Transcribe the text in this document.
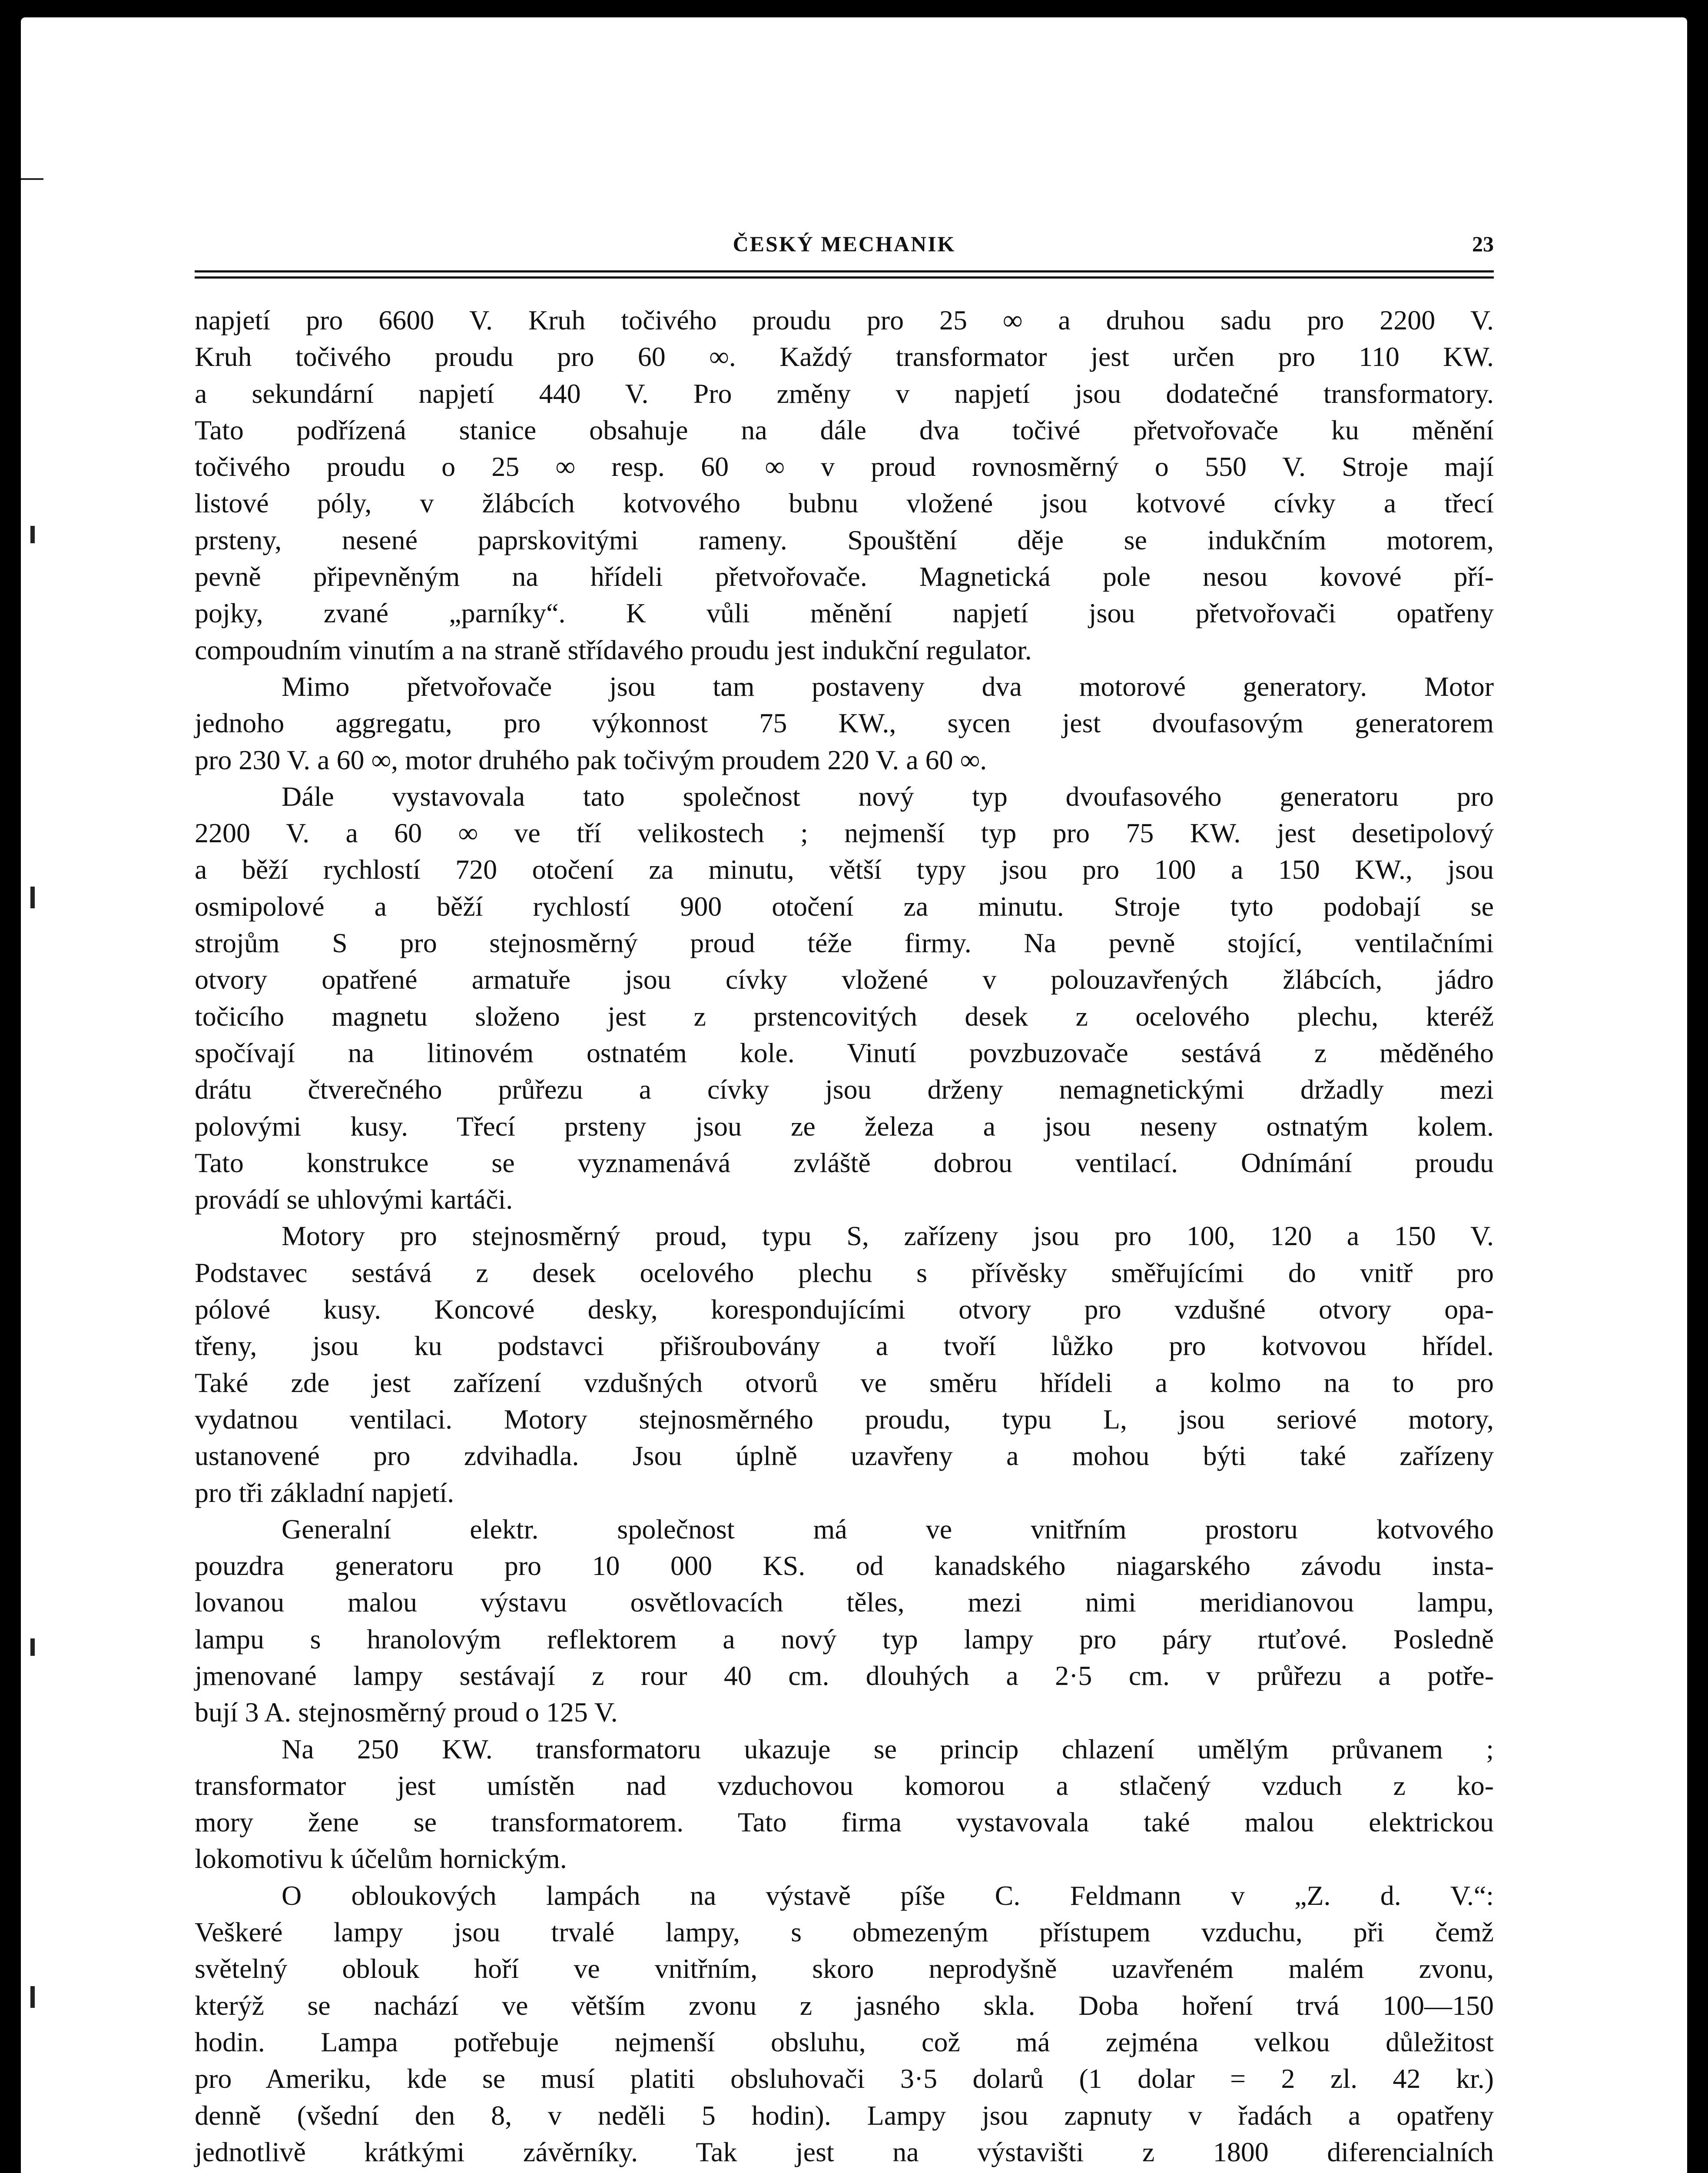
ČESKÝ MECHANIK	23
napjetí pro 6600 V. Kruh točivého proudu pro 25 ∞ a druhou sadu pro 2200 V.
Kruh točivého proudu pro 60 ∞. Každý transformator jest určen pro 110 KW.
a sekundární napjetí 440 V. Pro změny v napjetí jsou dodatečné transformatory.
Tato podřízená stanice obsahuje na dále dva točivé přetvořovače ku měnění
točivého proudu o 25 ∞ resp. 60 ∞ v proud rovnosměrný o 550 V. Stroje mají
listové póly, v žlábcích kotvového bubnu vložené jsou kotvové cívky a třecí
prsteny, nesené paprskovitými rameny. Spouštění děje se indukčním motorem,
pevně připevněným na hřídeli přetvořovače. Magnetická pole nesou kovové pří-
pojky, zvané „parníky“. K vůli měnění napjetí jsou přetvořovači opatřeny
compoudním vinutím a na straně střídavého proudu jest indukční regulator.
Mimo přetvořovače jsou tam postaveny dva motorové generatory. Motor
jednoho aggregatu, pro výkonnost 75 KW., sycen jest dvoufasovým generatorem
pro 230 V. a 60 ∞, motor druhého pak točivým proudem 220 V. a 60 ∞.
Dále vystavovala tato společnost nový typ dvoufasového generatoru pro
2200 V. a 60 ∞ ve tří velikostech ; nejmenší typ pro 75 KW. jest desetipolový
a běží rychlostí 720 otočení za minutu, větší typy jsou pro 100 a 150 KW., jsou
osmipolové a běží rychlostí 900 otočení za minutu. Stroje tyto podobají se
strojům S pro stejnosměrný proud téže firmy. Na pevně stojící, ventilačními
otvory opatřené armatuře jsou cívky vložené v polouzavřených žlábcích, jádro
točicího magnetu složeno jest z prstencovitých desek z ocelového plechu, kteréž
spočívají na litinovém ostnatém kole. Vinutí povzbuzovače sestává z měděného
drátu čtverečného průřezu a cívky jsou drženy nemagnetickými držadly mezi
polovými kusy. Třecí prsteny jsou ze železa a jsou neseny ostnatým kolem.
Tato konstrukce se vyznamenává zvláště dobrou ventilací. Odnímání proudu
provádí se uhlovými kartáči.
Motory pro stejnosměrný proud, typu S, zařízeny jsou pro 100, 120 a 150 V.
Podstavec sestává z desek ocelového plechu s přívěsky směřujícími do vnitř pro
pólové kusy. Koncové desky, korespondujícími otvory pro vzdušné otvory opa-
třeny, jsou ku podstavci přišroubovány a tvoří lůžko pro kotvovou hřídel.
Také zde jest zařízení vzdušných otvorů ve směru hřídeli a kolmo na to pro
vydatnou ventilaci. Motory stejnosměrného proudu, typu L, jsou seriové motory,
ustanovené pro zdvihadla. Jsou úplně uzavřeny a mohou býti také zařízeny
pro tři základní napjetí.
Generalní elektr. společnost má ve vnitřním prostoru kotvového
pouzdra generatoru pro 10 000 KS. od kanadského niagarského závodu insta-
lovanou malou výstavu osvětlovacích těles, mezi nimi meridianovou lampu,
lampu s hranolovým reflektorem a nový typ lampy pro páry rtuťové. Posledně
jmenované lampy sestávají z rour 40 cm. dlouhých a 2·5 cm. v průřezu a potře-
bují 3 A. stejnosměrný proud o 125 V.
Na 250 KW. transformatoru ukazuje se princip chlazení umělým průvanem ;
transformator jest umístěn nad vzduchovou komorou a stlačený vzduch z ko-
mory žene se transformatorem. Tato firma vystavovala také malou elektrickou
lokomotivu k účelům hornickým.
O obloukových lampách na výstavě píše C. Feldmann v „Z. d. V.“:
Veškeré lampy jsou trvalé lampy, s obmezeným přístupem vzduchu, při čemž
světelný oblouk hoří ve vnitřním, skoro neprodyšně uzavřeném malém zvonu,
kterýž se nachází ve větším zvonu z jasného skla. Doba hoření trvá 100—150
hodin. Lampa potřebuje nejmenší obsluhu, což má zejména velkou důležitost
pro Ameriku, kde se musí platiti obsluhovači 3·5 dolarů (1 dolar = 2 zl. 42 kr.)
denně (všední den 8, v neděli 5 hodin). Lampy jsou zapnuty v řadách a opatřeny
jednotlivě krátkými závěrníky. Tak jest na výstavišti z 1800 diferencialních
